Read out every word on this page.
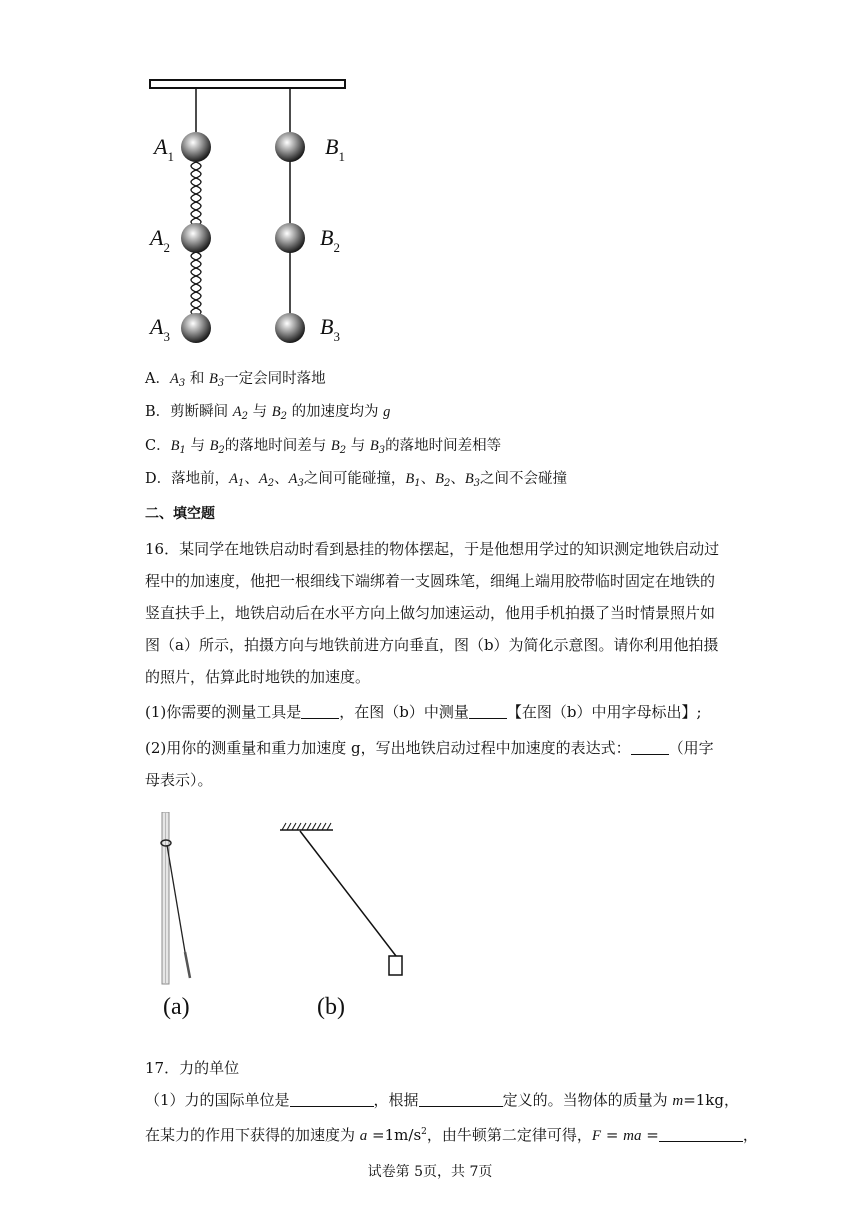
$A_1$
$A_2$
$A_3$
$B_1$
$B_2$
$B_3$
A．$A_3$ 和 $B_3$一定会同时落地
B．剪断瞬间 $A_2$ 与 $B_2$ 的加速度均为 g
C．$B_1$ 与 $B_2$的落地时间差与 $B_2$ 与 $B_3$的落地时间差相等
D．落地前，$A_1$、$A_2$、$A_3$之间可能碰撞，$B_1$、$B_2$、$B_3$之间不会碰撞
二、填空题
16．某同学在地铁启动时看到悬挂的物体摆起，于是他想用学过的知识测定地铁启动过
程中的加速度，他把一根细线下端绑着一支圆珠笔，细绳上端用胶带临时固定在地铁的
竖直扶手上，地铁启动后在水平方向上做匀加速运动，他用手机拍摄了当时情景照片如
图（a）所示，拍摄方向与地铁前进方向垂直，图（b）为简化示意图。请你利用他拍摄
的照片，估算此时地铁的加速度。
(1)你需要的测量工具是	，在图（b）中测量	【在图（b）中用字母标出】;
(2)用你的测重量和重力加速度 g，写出地铁启动过程中加速度的表达式：	（用字
母表示）。
(a)	(b)
17．力的单位
（1）力的国际单位是	，根据	定义的。当物体的质量为 m=1kg，
在某力的作用下获得的加速度为 $a =1m/s^2$，由牛顿第二定律可得，F = ma =	，
试卷第 5页，共 7页
